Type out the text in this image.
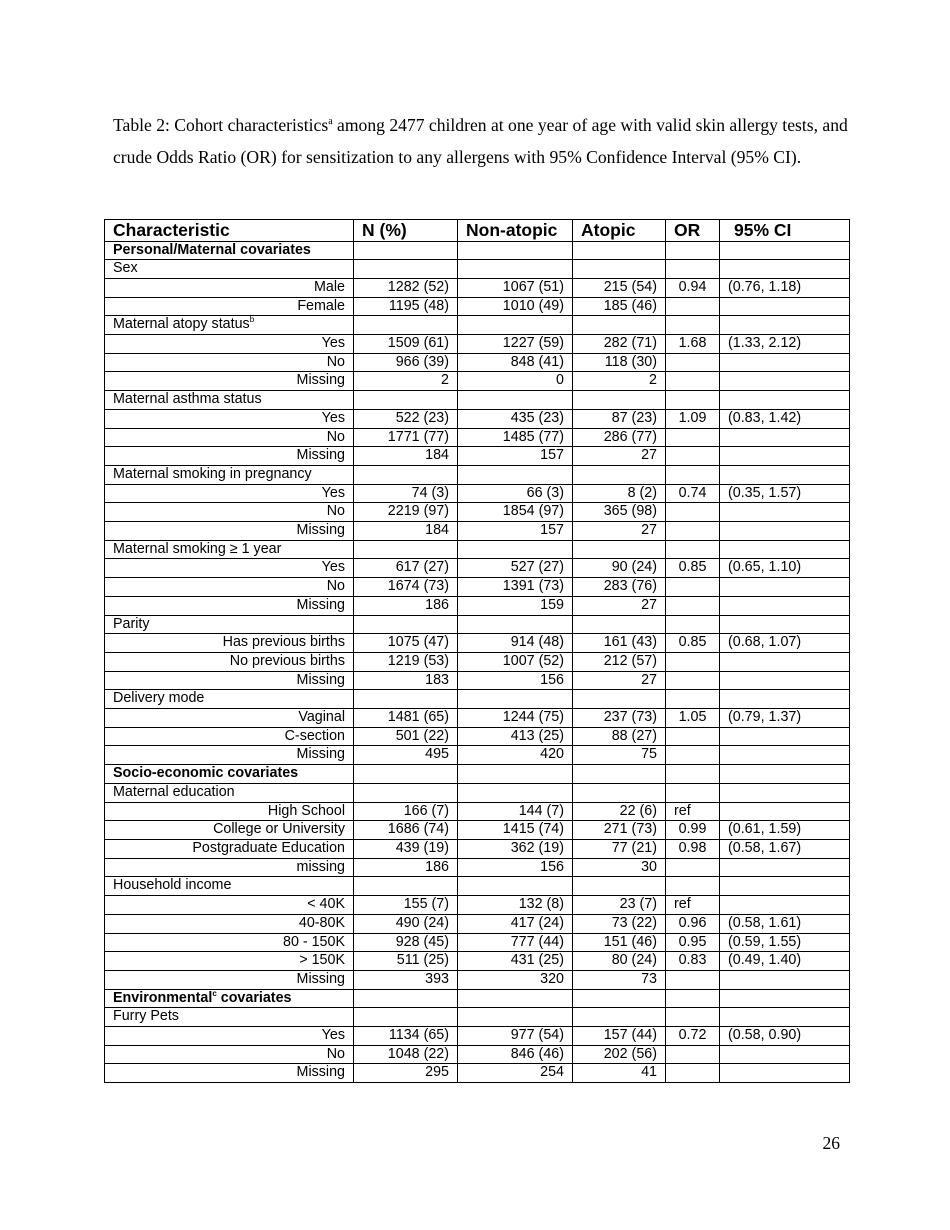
Table 2: Cohort characteristics$^a$ among 2477 children at one year of age with valid skin allergy tests, and crude Odds Ratio (OR) for sensitization to any allergens with 95% Confidence Interval (95% CI).
Characteristic	N (%)	Non-atopic	Atopic	OR	95% CI
Personal/Maternal covariates					
Sex					
Male	1282 (52)	1067 (51)	215 (54)	0.94	(0.76, 1.18)
Female	1195 (48)	1010 (49)	185 (46)		
Maternal atopy status$^b$					
Yes	1509 (61)	1227 (59)	282 (71)	1.68	(1.33, 2.12)
No	966 (39)	848 (41)	118 (30)		
Missing	2	0	2		
Maternal asthma status					
Yes	522 (23)	435 (23)	87 (23)	1.09	(0.83, 1.42)
No	1771 (77)	1485 (77)	286 (77)		
Missing	184	157	27		
Maternal smoking in pregnancy					
Yes	74 (3)	66 (3)	8 (2)	0.74	(0.35, 1.57)
No	2219 (97)	1854 (97)	365 (98)		
Missing	184	157	27		
Maternal smoking ≥ 1 year					
Yes	617 (27)	527 (27)	90 (24)	0.85	(0.65, 1.10)
No	1674 (73)	1391 (73)	283 (76)		
Missing	186	159	27		
Parity					
Has previous births	1075 (47)	914 (48)	161 (43)	0.85	(0.68, 1.07)
No previous births	1219 (53)	1007 (52)	212 (57)		
Missing	183	156	27		
Delivery mode					
Vaginal	1481 (65)	1244 (75)	237 (73)	1.05	(0.79, 1.37)
C-section	501 (22)	413 (25)	88 (27)		
Missing	495	420	75		
Socio-economic covariates					
Maternal education					
High School	166 (7)	144 (7)	22 (6)	ref	
College or University	1686 (74)	1415 (74)	271 (73)	0.99	(0.61, 1.59)
Postgraduate Education	439 (19)	362 (19)	77 (21)	0.98	(0.58, 1.67)
missing	186	156	30		
Household income					
< 40K	155 (7)	132 (8)	23 (7)	ref	
40-80K	490 (24)	417 (24)	73 (22)	0.96	(0.58, 1.61)
80 - 150K	928 (45)	777 (44)	151 (46)	0.95	(0.59, 1.55)
> 150K	511 (25)	431 (25)	80 (24)	0.83	(0.49, 1.40)
Missing	393	320	73		
Environmental$^c$ covariates					
Furry Pets					
Yes	1134 (65)	977 (54)	157 (44)	0.72	(0.58, 0.90)
No	1048 (22)	846 (46)	202 (56)		
Missing	295	254	41		
26
